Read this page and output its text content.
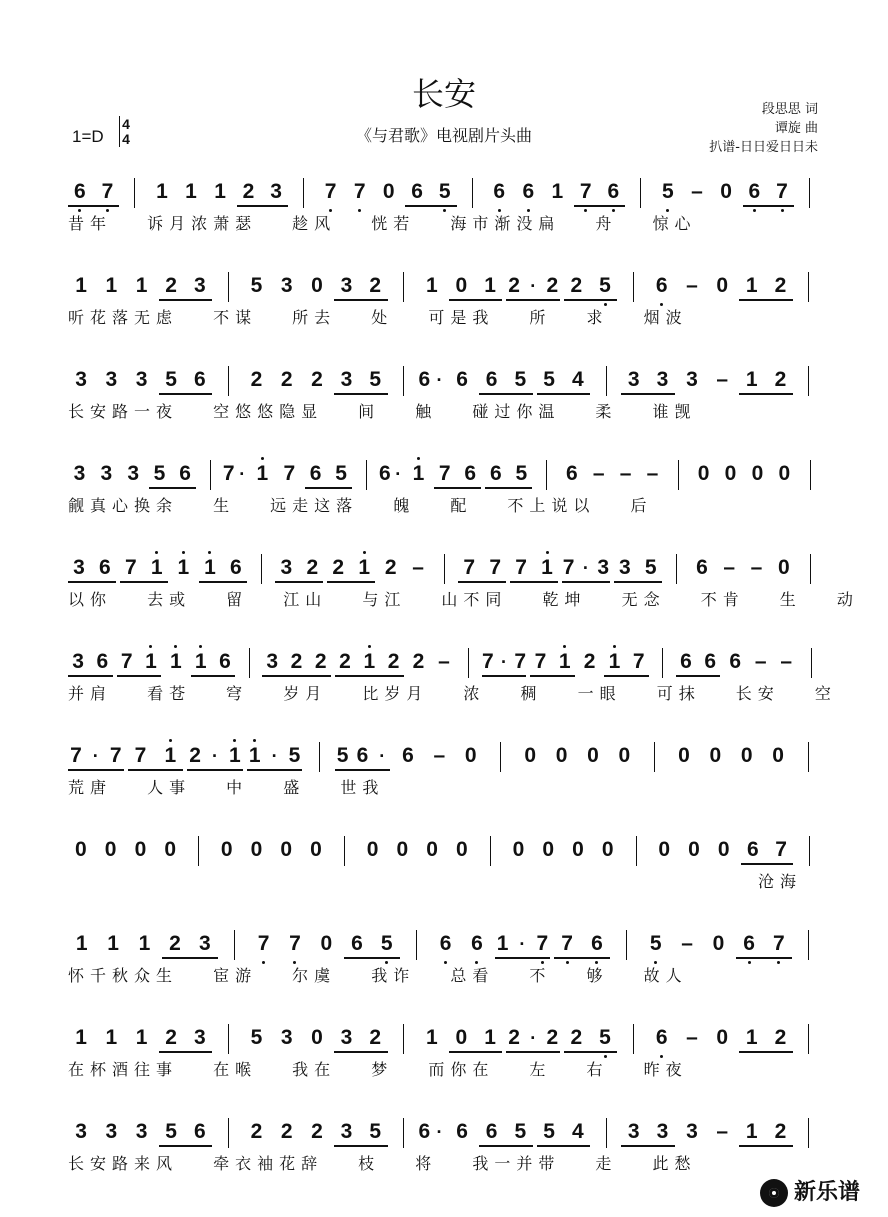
长安
《与君歌》电视剧片头曲
1=D
4
4
段思思 词
谭旋 曲
扒谱-日日爱日日未
6 7 1 1 1 2 3 7 7 0 6 5 6 6 1 7 6 5 – 0 6 7
昔年 诉月浓萧瑟 趁风 恍若 海市渐没扁 舟 惊心
1 1 1 2 3 5 3 0 3 2 1 0 1 2 · 2 2 5 6 – 0 1 2
听花落无虑 不谋 所去 处 可是我 所 求 烟波
3 3 3 5 6 2 2 2 3 5 6 · 6 6 5 5 4 3 3 3 – 1 2
长安路一夜 空悠悠隐显 间 触 碰过你温 柔 谁觊
3 3 3 5 6 7 · 1 7 6 5 6 · 1 7 6 6 5 6 – – – 0 0 0 0
觎真心换余 生 远走这落 魄 配 不上说以 后
3 6 7 1 1 1 6 3 2 2 1 2 – 7 7 7 1 7 · 3 3 5 6 – – 0
以你 去或 留 江山 与江 山不同 乾坤 无念 不肯 生 动
3 6 7 1 1 1 6 3 2 2 2 1 2 2 – 7 · 7 7 1 2 1 7 6 6 6 – –
并肩 看苍 穹 岁月 比岁月 浓 稠 一眼 可抹 长安 空
7 · 7 7 1 2 · 1 1 · 5 5 6 · 6 – 0 0 0 0 0 0 0 0 0
荒唐 人事 中 盛 世我
0 0 0 0 0 0 0 0 0 0 0 0 0 0 0 0 0 0 0 6 7
沧海
1 1 1 2 3 7 7 0 6 5 6 6 1 · 7 7 6 5 – 0 6 7
怀千秋众生 宦游 尔虞 我诈 总看 不 够 故人
1 1 1 2 3 5 3 0 3 2 1 0 1 2 · 2 2 5 6 – 0 1 2
在杯酒往事 在喉 我在 梦 而你在 左 右 昨夜
3 3 3 5 6 2 2 2 3 5 6 · 6 6 5 5 4 3 3 3 – 1 2
长安路来风 牵衣袖花辞 枝 将 我一并带 走 此愁
新乐谱
